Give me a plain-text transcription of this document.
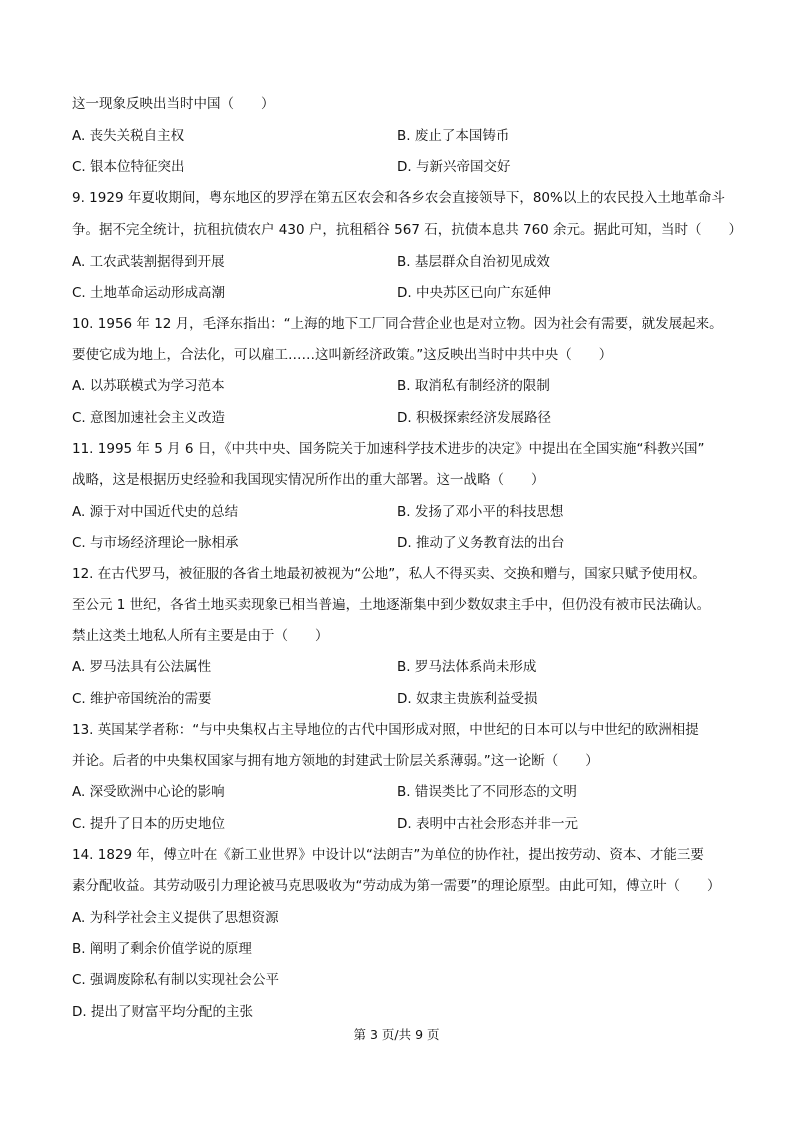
这一现象反映出当时中国（　　）
A. 丧失关税自主权	B. 废止了本国铸币
C. 银本位特征突出	D. 与新兴帝国交好
9. 1929 年夏收期间，粤东地区的罗浮在第五区农会和各乡农会直接领导下，80%以上的农民投入土地革命斗
争。据不完全统计，抗租抗债农户 430 户，抗租稻谷 567 石，抗债本息共 760 余元。据此可知，当时（　　）
A. 工农武装割据得到开展	B. 基层群众自治初见成效
C. 土地革命运动形成高潮	D. 中央苏区已向广东延伸
10. 1956 年 12 月，毛泽东指出：“上海的地下工厂同合营企业也是对立物。因为社会有需要，就发展起来。
要使它成为地上，合法化，可以雇工……这叫新经济政策。”这反映出当时中共中央（　　）
A. 以苏联模式为学习范本	B. 取消私有制经济的限制
C. 意图加速社会主义改造	D. 积极探索经济发展路径
11. 1995 年 5 月 6 日，《中共中央、国务院关于加速科学技术进步的决定》中提出在全国实施“科教兴国”
战略，这是根据历史经验和我国现实情况所作出的重大部署。这一战略（　　）
A. 源于对中国近代史的总结	B. 发扬了邓小平的科技思想
C. 与市场经济理论一脉相承	D. 推动了义务教育法的出台
12. 在古代罗马，被征服的各省土地最初被视为“公地”，私人不得买卖、交换和赠与，国家只赋予使用权。
至公元 1 世纪，各省土地买卖现象已相当普遍，土地逐渐集中到少数奴隶主手中，但仍没有被市民法确认。
禁止这类土地私人所有主要是由于（　　）
A. 罗马法具有公法属性	B. 罗马法体系尚未形成
C. 维护帝国统治的需要	D. 奴隶主贵族利益受损
13. 英国某学者称：“与中央集权占主导地位的古代中国形成对照，中世纪的日本可以与中世纪的欧洲相提
并论。后者的中央集权国家与拥有地方领地的封建武士阶层关系薄弱。”这一论断（　　）
A. 深受欧洲中心论的影响	B. 错误类比了不同形态的文明
C. 提升了日本的历史地位	D. 表明中古社会形态并非一元
14. 1829 年，傅立叶在《新工业世界》中设计以“法朗吉”为单位的协作社，提出按劳动、资本、才能三要
素分配收益。其劳动吸引力理论被马克思吸收为“劳动成为第一需要”的理论原型。由此可知，傅立叶（　　）
A. 为科学社会主义提供了思想资源
B. 阐明了剩余价值学说的原理
C. 强调废除私有制以实现社会公平
D. 提出了财富平均分配的主张
第 3 页/共 9 页
